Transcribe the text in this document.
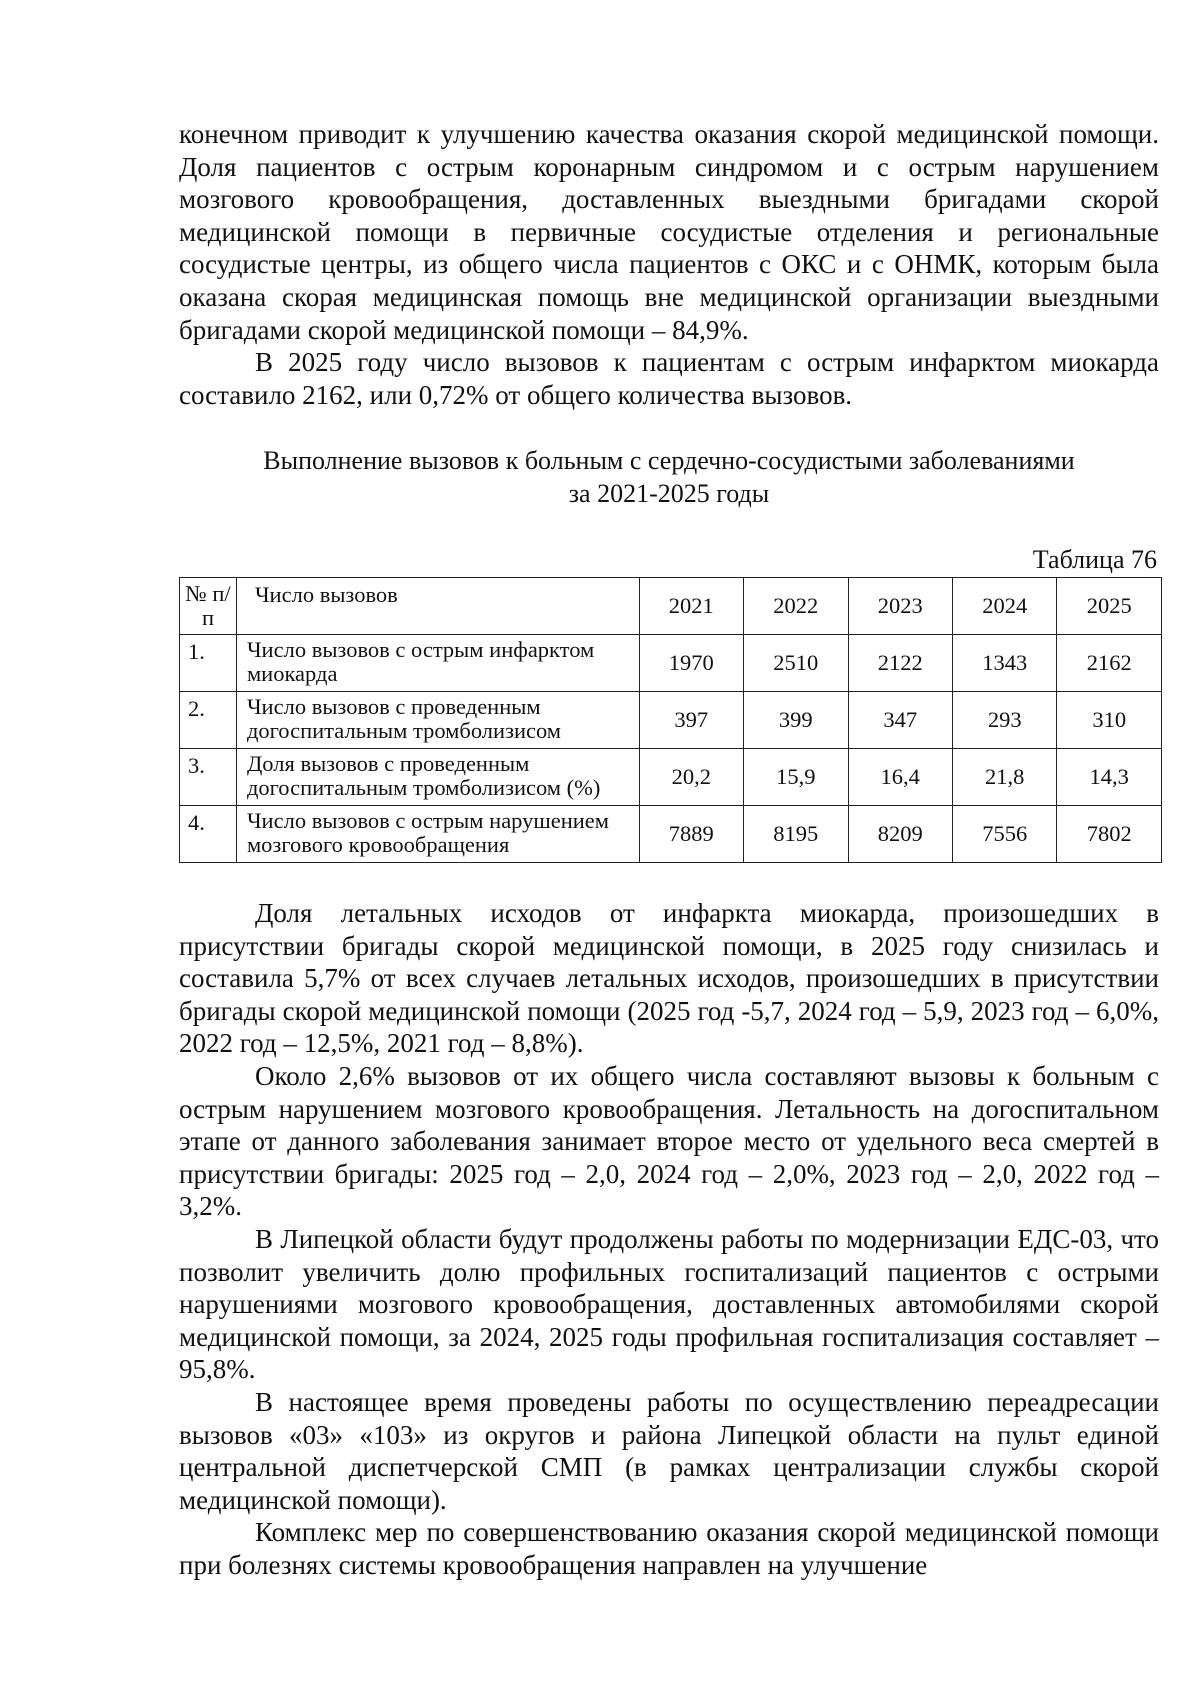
конечном приводит к улучшению качества оказания скорой медицинской помощи. Доля пациентов с острым коронарным синдромом и с острым нарушением мозгового кровообращения, доставленных выездными бригадами скорой медицинской помощи в первичные сосудистые отделения и региональные сосудистые центры, из общего числа пациентов с ОКС и с ОНМК, которым была оказана скорая медицинская помощь вне медицинской организации выездными бригадами скорой медицинской помощи – 84,9%.

В 2025 году число вызовов к пациентам с острым инфарктом миокарда составило 2162, или 0,72% от общего количества вызовов.

Выполнение вызовов к больным с сердечно-сосудистыми заболеваниями
за 2021-2025 годы
Таблица 76
№ п/п	Число вызовов	2021	2022	2023	2024	2025
1.	Число вызовов с острым инфарктом миокарда	1970	2510	2122	1343	2162
2.	Число вызовов с проведенным догоспитальным тромболизисом	397	399	347	293	310
3.	Доля вызовов с проведенным догоспитальным тромболизисом (%)	20,2	15,9	16,4	21,8	14,3
4.	Число вызовов с острым нарушением мозгового кровообращения	7889	8195	8209	7556	7802

Доля летальных исходов от инфаркта миокарда, произошедших в присутствии бригады скорой медицинской помощи, в 2025 году снизилась и составила 5,7% от всех случаев летальных исходов, произошедших в присутствии бригады скорой медицинской помощи (2025 год -5,7, 2024 год – 5,9, 2023 год – 6,0%, 2022 год – 12,5%, 2021 год – 8,8%).

Около 2,6% вызовов от их общего числа составляют вызовы к больным с острым нарушением мозгового кровообращения. Летальность на догоспитальном этапе от данного заболевания занимает второе место от удельного веса смертей в присутствии бригады: 2025 год – 2,0, 2024 год – 2,0%, 2023 год – 2,0, 2022 год – 3,2%.

В Липецкой области будут продолжены работы по модернизации ЕДС-03, что позволит увеличить долю профильных госпитализаций пациентов с острыми нарушениями мозгового кровообращения, доставленных автомобилями скорой медицинской помощи, за 2024, 2025 годы профильная госпитализация составляет – 95,8%.

В настоящее время проведены работы по осуществлению переадресации вызовов «03» «103» из округов и района Липецкой области на пульт единой центральной диспетчерской СМП (в рамках централизации службы скорой медицинской помощи).

Комплекс мер по совершенствованию оказания скорой медицинской помощи при болезнях системы кровообращения направлен на улучшение
